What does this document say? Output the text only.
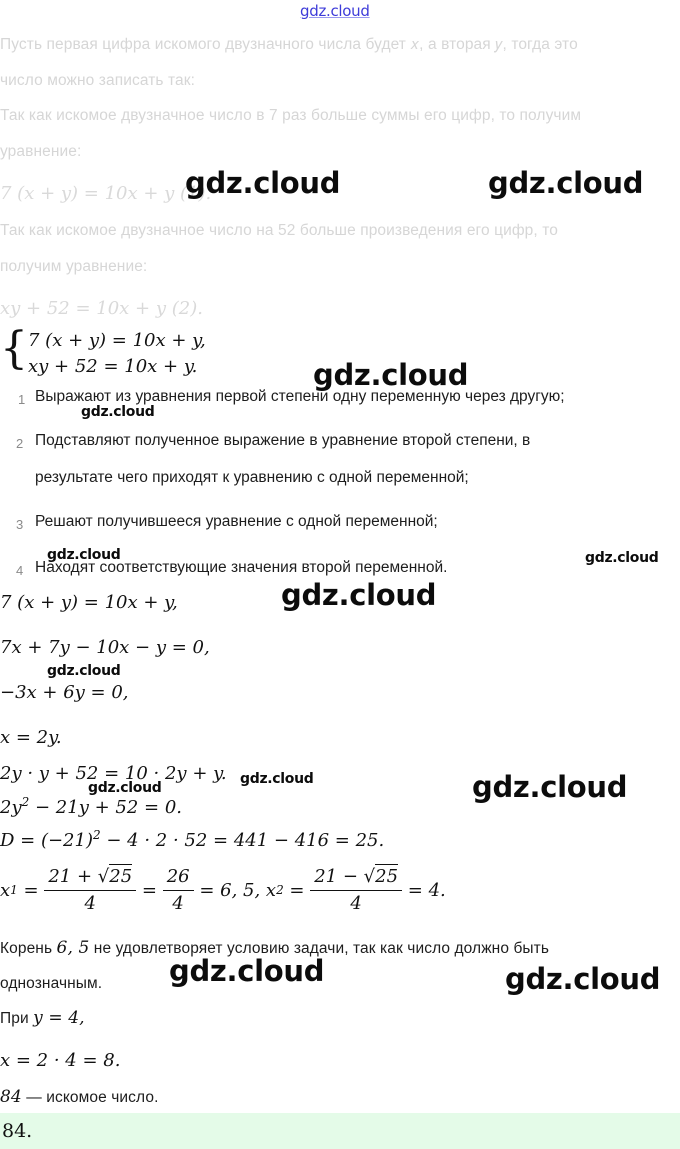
gdz.cloud
Пусть первая цифра искомого двузначного числа будет 𝑥, а вторая 𝑦, тогда это
число можно записать так:
Так как искомое двузначное число в 7 раз больше суммы его цифр, то получим
уравнение:
7 (x + y) = 10x + y (1).
Так как искомое двузначное число на 52 больше произведения его цифр, то
получим уравнение:
xy + 52 = 10x + y (2).
{ 7 (x + y) = 10x + y,
xy + 52 = 10x + y.
1 Выражают из уравнения первой степени одну переменную через другую;
2 Подставляют полученное выражение в уравнение второй степени, в
результате чего приходят к уравнению с одной переменной;
3 Решают получившееся уравнение с одной переменной;
4 Находят соответствующие значения второй переменной.
7 (x + y) = 10x + y,
7x + 7y − 10x − y = 0,
−3x + 6y = 0,
x = 2y.
2y · y + 52 = 10 · 2y + y.
$2y^2 - 21y + 52 = 0$.
$D = (-21)^2 - 4 \cdot 2 \cdot 52 = 441 - 416 = 25$.
x $1 = \frac{21 + √25}{4} = \frac{26}{4} = 6$, 5, x $2 = \frac{21 - √25}{4} = 4$.
Корень 6, 5 не удовлетворяет условию задачи, так как число должно быть
однозначным.
При y = 4,
x = 2 · 4 = 8.
84 — искомое число.
84.
gdz.cloud	gdz.cloud
gdz.cloud
gdz.cloud
gdz.cloud	gdz.cloud
gdz.cloud
gdz.cloud
gdz.cloud	gdz.cloud
gdz.cloud
gdz.cloud	gdz.cloud
